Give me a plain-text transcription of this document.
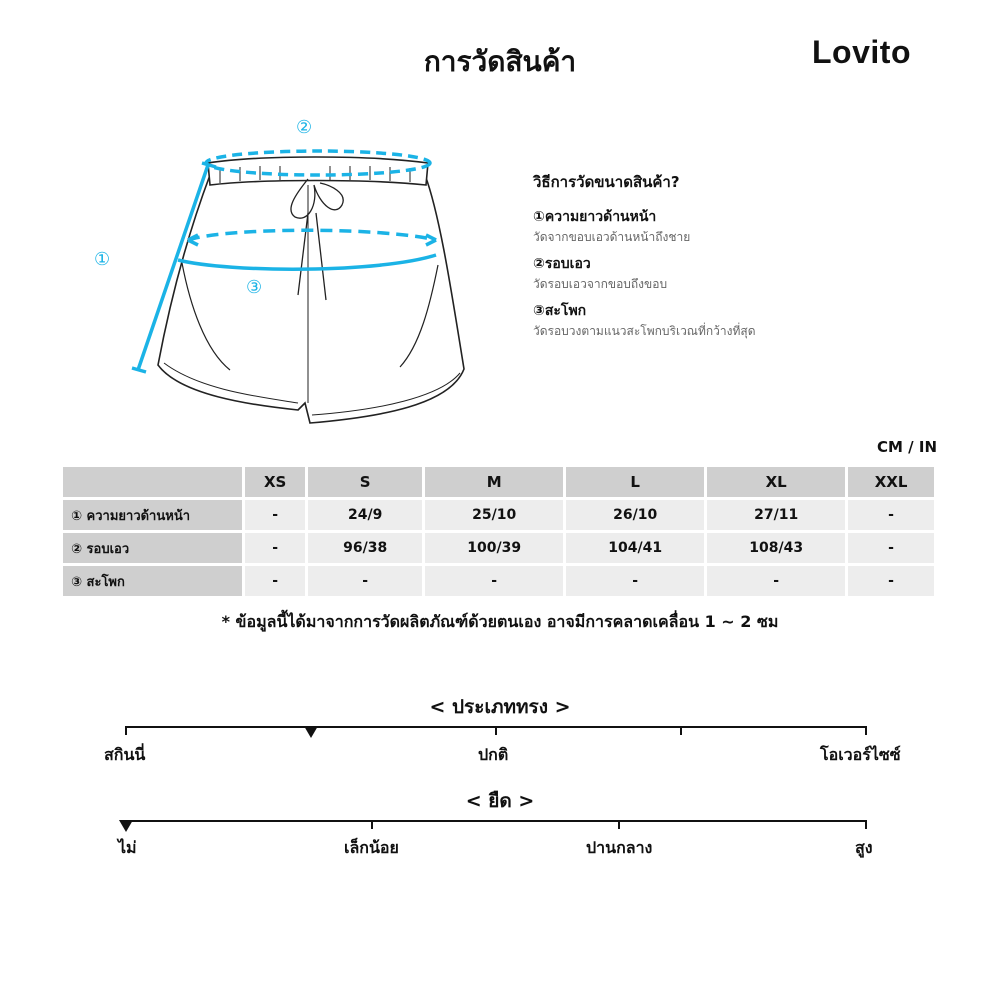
การวัดสินค้า	Lovito
①
②
③
วิธีการวัดขนาดสินค้า?
①ความยาวด้านหน้า
วัดจากขอบเอวด้านหน้าถึงชาย
②รอบเอว
วัดรอบเอวจากขอบถึงขอบ
③สะโพก
วัดรอบวงตามแนวสะโพกบริเวณที่กว้างที่สุด
CM / IN
	XS	S	M	L	XL	XXL
① ความยาวด้านหน้า	-	24/9	25/10	26/10	27/11	-
② รอบเอว	-	96/38	100/39	104/41	108/43	-
③ สะโพก	-	-	-	-	-	-
* ข้อมูลนี้ได้มาจากการวัดผลิตภัณฑ์ด้วยตนเอง อาจมีการคลาดเคลื่อน 1 ~ 2 ซม
< ประเภททรง >
สกินนี่	ปกติ	โอเวอร์ไซซ์
< ยืด >
ไม่	เล็กน้อย	ปานกลาง	สูง
